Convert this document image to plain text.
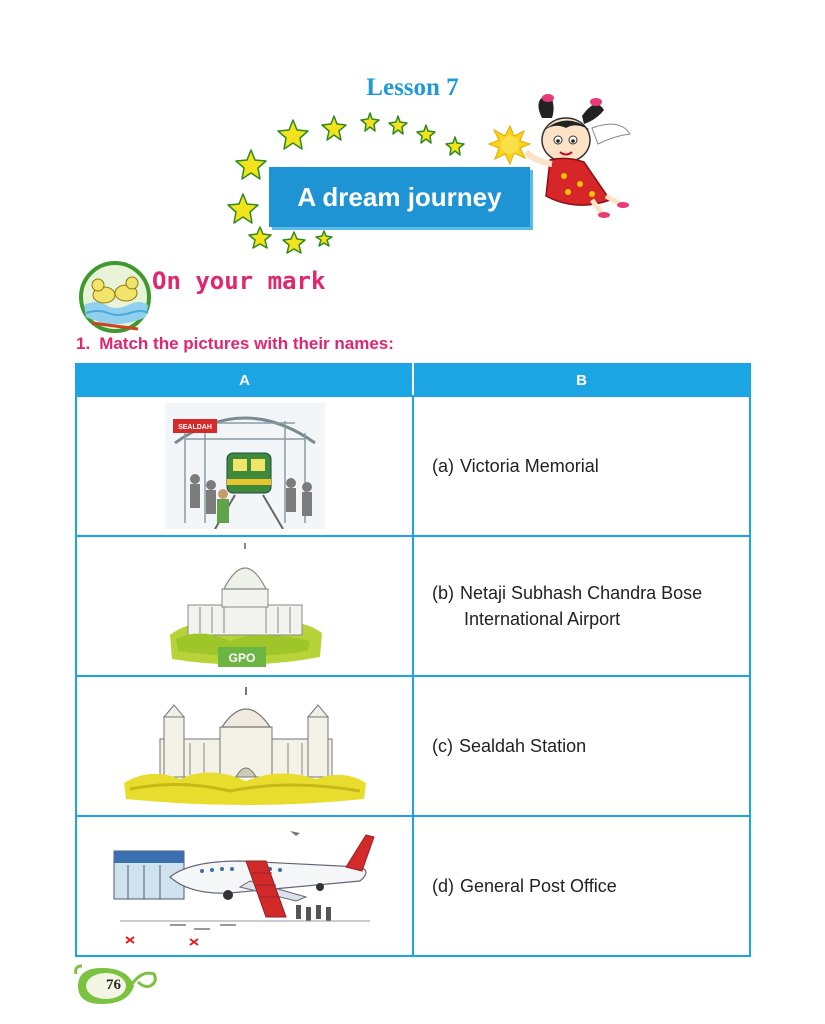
Lesson 7
A dream journey
On your mark
1. Match the pictures with their names:
A	B

SEALDAH	(a) Victoria Memorial

GPO	(b) Netaji Subhash Chandra Bose
International Airport

(c) Sealdah Station

(d) General Post Office
76
